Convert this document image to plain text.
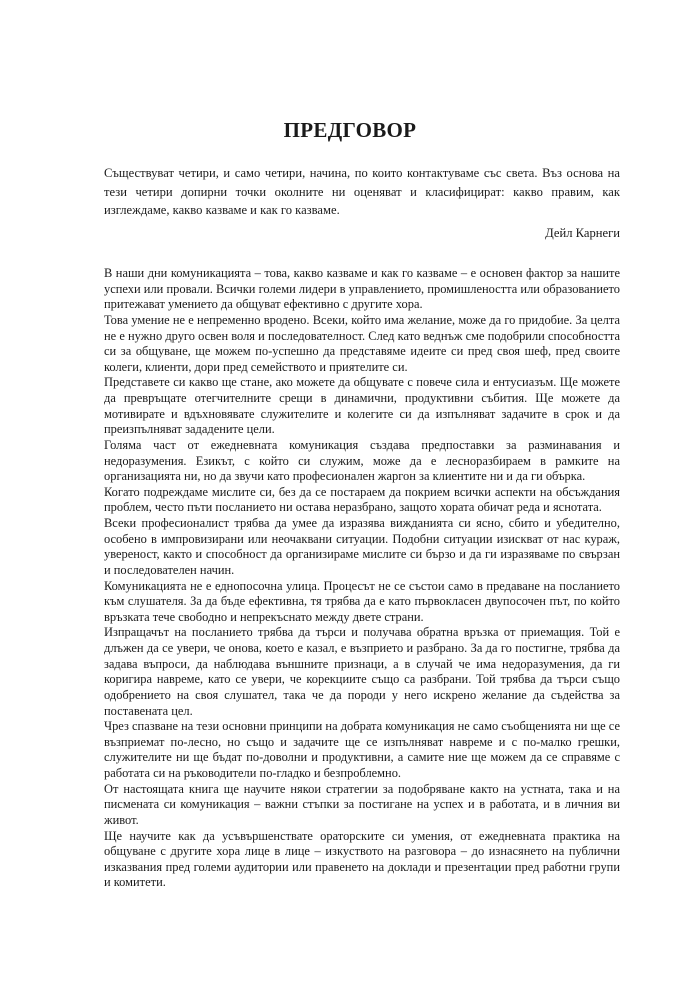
ПРЕДГОВОР

Съществуват четири, и само четири, начина, по които контактуваме със света. Въз основа на тези четири допирни точки околните ни оценяват и класифицират: какво правим, как изглеждаме, какво казваме и как го казваме.

Дейл Карнеги

В наши дни комуникацията – това, какво казваме и как го казваме – е основен фактор за нашите успехи или провали. Всички големи лидери в управлението, промишлеността или образованието притежават умението да общуват ефективно с другите хора.

Това умение не е непременно вродено. Всеки, който има желание, може да го придобие. За целта не е нужно друго освен воля и последователност. След като веднъж сме подобрили способността си за общуване, ще можем по-успешно да представяме идеите си пред своя шеф, пред своите колеги, клиенти, дори пред семейството и приятелите си.

Представете си какво ще стане, ако можете да общувате с повече сила и ентусиазъм. Ще можете да превръщате отегчителните срещи в динамични, продуктивни събития. Ще можете да мотивирате и вдъхновявате служителите и колегите си да изпълняват задачите в срок и да преизпълняват зададените цели.

Голяма част от ежедневната комуникация създава предпоставки за разминавания и недоразумения. Езикът, с който си служим, може да е лесноразбираем в рамките на организацията ни, но да звучи като професионален жаргон за клиентите ни и да ги обърка.

Когато подреждаме мислите си, без да се постараем да покрием всички аспекти на обсъждания проблем, често пъти посланието ни остава неразбрано, защото хората обичат реда и яснотата.

Всеки професионалист трябва да умее да изразява вижданията си ясно, сбито и убедително, особено в импровизирани или неочаквани ситуации. Подобни ситуации изискват от нас кураж, увереност, както и способност да организираме мислите си бързо и да ги изразяваме по свързан и последователен начин.

Комуникацията не е еднопосочна улица. Процесът не се състои само в предаване на посланието към слушателя. За да бъде ефективна, тя трябва да е като първокласен двупосочен път, по който връзката тече свободно и непрекъснато между двете страни.

Изпращачът на посланието трябва да търси и получава обратна връзка от приемащия. Той е длъжен да се увери, че онова, което е казал, е възприето и разбрано. За да го постигне, трябва да задава въпроси, да наблюдава външните признаци, а в случай че има недоразумения, да ги коригира навреме, като се увери, че корекциите също са разбрани. Той трябва да търси също одобрението на своя слушател, така че да породи у него искрено желание да съдейства за поставената цел.

Чрез спазване на тези основни принципи на добрата комуникация не само съобщенията ни ще се възприемат по-лесно, но също и задачите ще се изпълняват навреме и с по-малко грешки, служителите ни ще бъдат по-доволни и продуктивни, а самите ние ще можем да се справяме с работата си на ръководители по-гладко и безпроблемно.

От настоящата книга ще научите някои стратегии за подобряване както на устната, така и на писмената си комуникация – важни стъпки за постигане на успех и в работата, и в личния ви живот.

Ще научите как да усъвършенствате ораторските си умения, от ежедневната практика на общуване с другите хора лице в лице – изкуството на разговора – до изнасянето на публични изказвания пред големи аудитории или правенето на доклади и презентации пред работни групи и комитети.
